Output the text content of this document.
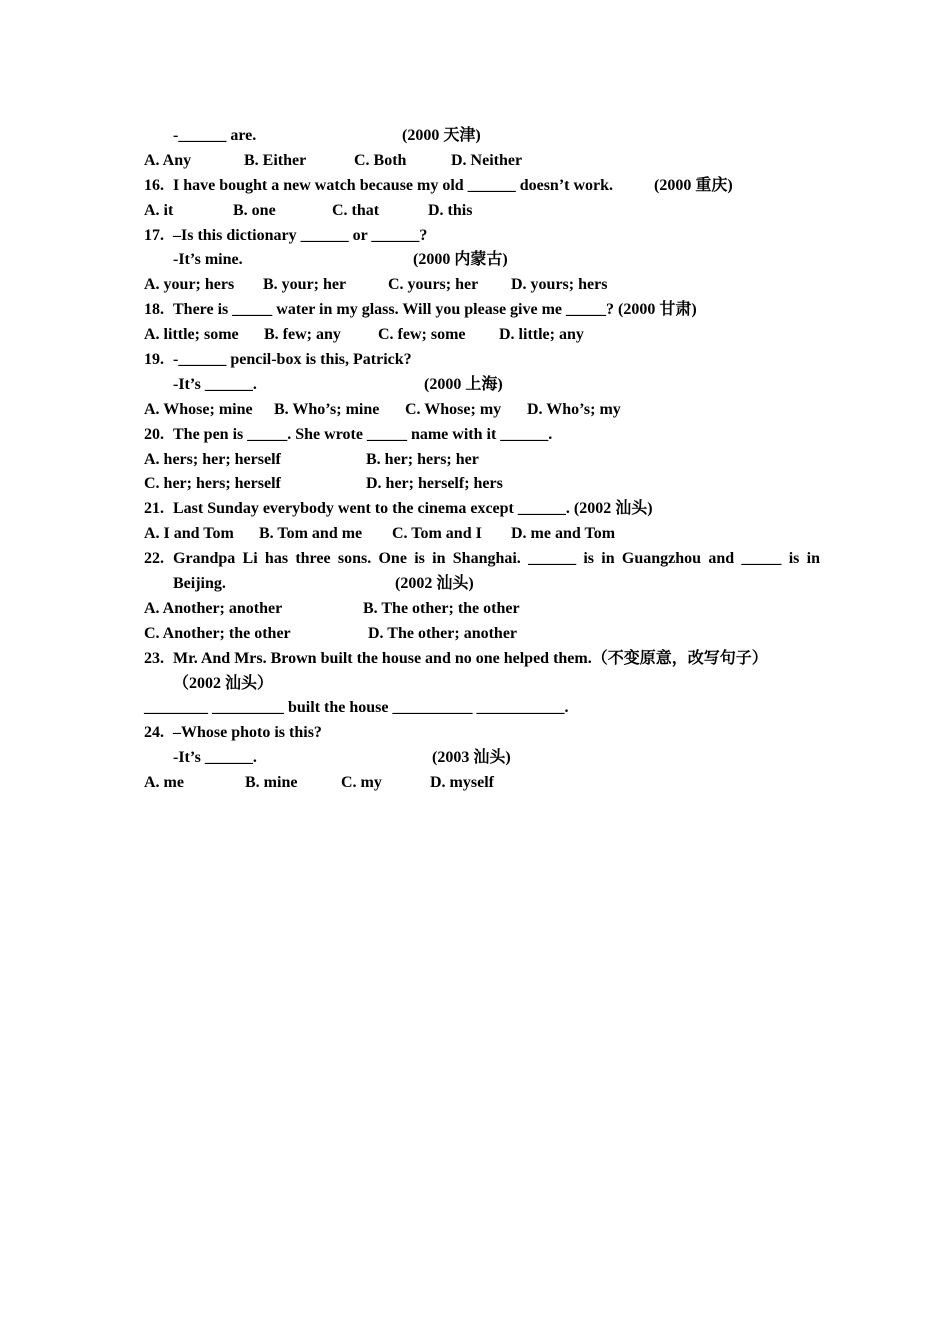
-______ are.	(2000 天津)
A. Any	B. Either	C. Both	D. Neither
16. I have bought a new watch because my old ______ doesn’t work.	(2000 重庆)
A. it	B. one	C. that	D. this
17. –Is this dictionary ______ or ______?
-It’s mine.	(2000 内蒙古)
A. your; hers B. your; her	C. yours; her D. yours; hers
18. There is _____ water in my glass. Will you please give me _____? (2000 甘肃)
A. little; some B. few; any C. few; some D. little; any
19. -______ pencil-box is this, Patrick?
-It’s ______.	(2000 上海)
A. Whose; mine B. Who’s; mine C. Whose; my D. Who’s; my
20. The pen is _____. She wrote _____ name with it ______.
A. hers; her; herself	B. her; hers; her
C. her; hers; herself	D. her; herself; hers
21. Last Sunday everybody went to the cinema except ______. (2002 汕头)
A. I and Tom B. Tom and me C. Tom and I D. me and Tom
22. Grandpa Li has three sons. One is in Shanghai. ______ is in Guangzhou and _____ is in
Beijing.	(2002 汕头)
A. Another; another	B. The other; the other
C. Another; the other	D. The other; another
23. Mr. And Mrs. Brown built the house and no one helped them.（不变原意，改写句子）
（2002 汕头）
________ _________ built the house __________ ___________.
24. –Whose photo is this?
-It’s ______.	(2003 汕头)
A. me	B. mine	C. my	D. myself
